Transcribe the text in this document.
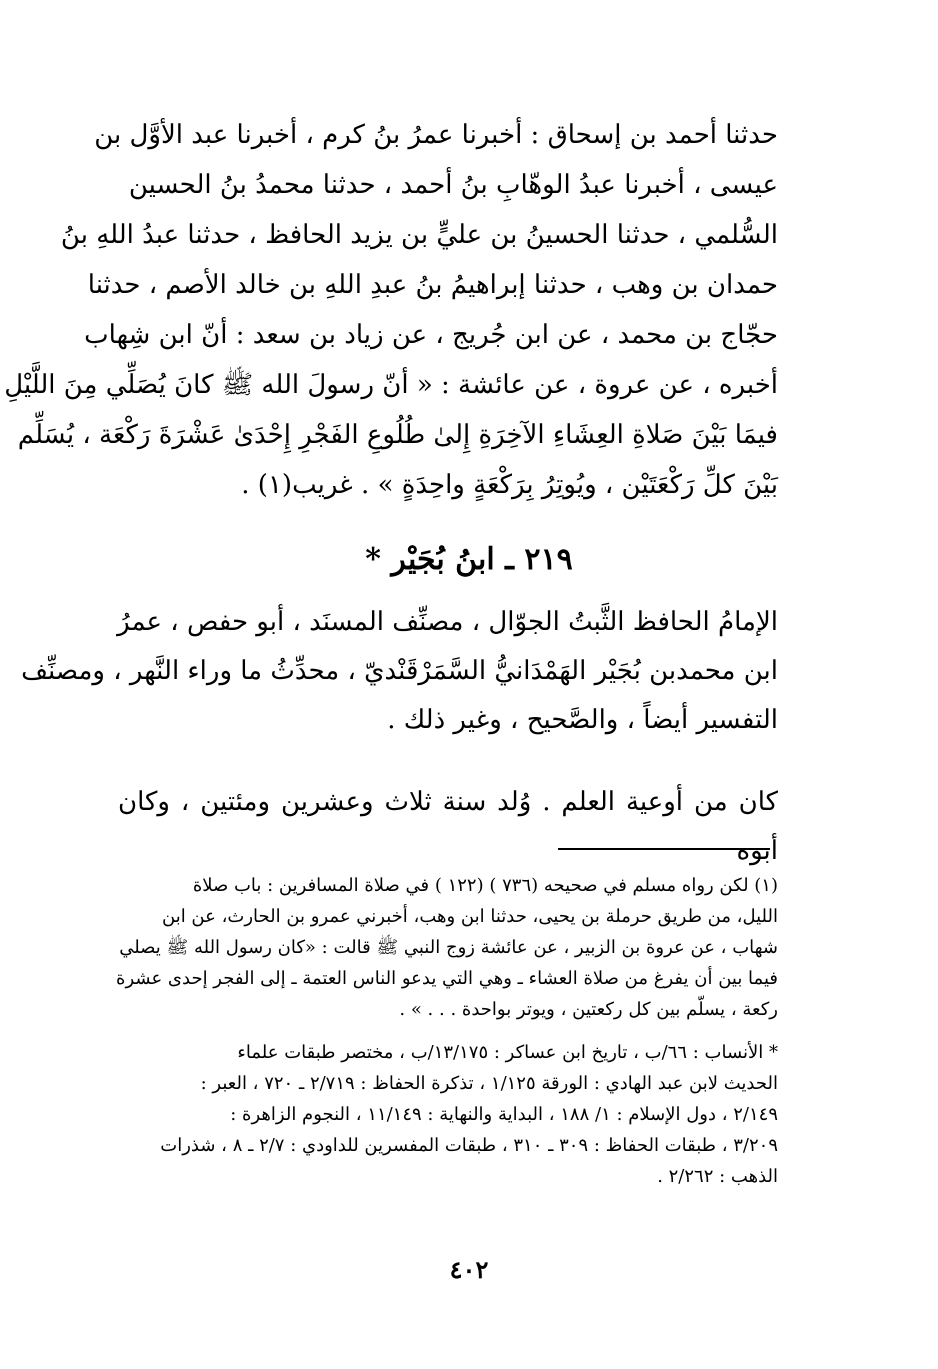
حدثنا أحمد بن إسحاق : أخبرنا عمرُ بنُ كرم ، أخبرنا عبد الأوَّل بن
عيسى ، أخبرنا عبدُ الوهّابِ بنُ أحمد ، حدثنا محمدُ بنُ الحسين
السُّلمي ، حدثنا الحسينُ بن عليٍّ بن يزيد الحافظ ، حدثنا عبدُ اللهِ بنُ
حمدان بن وهب ، حدثنا إبراهيمُ بنُ عبدِ اللهِ بن خالد الأصم ، حدثنا
حجّاج بن محمد ، عن ابن جُريج ، عن زياد بن سعد : أنّ ابن شِهاب
أخبره ، عن عروة ، عن عائشة : « أنّ رسولَ الله ﷺ كانَ يُصَلِّي مِنَ اللَّيْلِ
فيمَا بَيْنَ صَلاةِ العِشَاءِ الآخِرَةِ إِلىٰ طُلُوعِ الفَجْرِ إِحْدَىٰ عَشْرَةَ رَكْعَة ، يُسَلِّم
بَيْنَ كلِّ رَكْعَتَيْن ، ويُوتِرُ بِرَكْعَةٍ واحِدَةٍ » . غريب(١) .
٢١٩ ـ ابنُ بُجَيْر *
الإمامُ الحافظ الثَّبتُ الجوّال ، مصنِّف المسنَد ، أبو حفص ، عمرُ
ابن محمدبن بُجَيْر الهَمْدَانيُّ السَّمَرْقَنْديّ ، محدِّثُ ما وراء النَّهر ، ومصنِّف
التفسير أيضاً ، والصَّحيح ، وغير ذلك .
كان من أوعية العلم . وُلد سنة ثلاث وعشرين ومئتين ، وكان أبوه
(١) لكن رواه مسلم في صحيحه (٧٣٦ ) (١٢٢ ) في صلاة المسافرين : باب صلاة
الليل، من طريق حرملة بن يحيى، حدثنا ابن وهب، أخبرني عمرو بن الحارث، عن ابن
شهاب ، عن عروة بن الزبير ، عن عائشة زوج النبي ﷺ قالت : «كان رسول الله ﷺ يصلي
فيما بين أن يفرغ من صلاة العشاء ـ وهي التي يدعو الناس العتمة ـ إلى الفجر إحدى عشرة
ركعة ، يسلّم بين كل ركعتين ، ويوتر بواحدة . . . » .
* الأنساب : ٦٦/ب ، تاريخ ابن عساكر : ١٣/١٧٥/ب ، مختصر طبقات علماء
الحديث لابن عبد الهادي : الورقة ١/١٢٥ ، تذكرة الحفاظ : ٢/٧١٩ ـ ٧٢٠ ، العبر :
٢/١٤٩ ، دول الإسلام : ١/ ١٨٨ ، البداية والنهاية : ١١/١٤٩ ، النجوم الزاهرة :
٣/٢٠٩ ، طبقات الحفاظ : ٣٠٩ ـ ٣١٠ ، طبقات المفسرين للداودي : ٢/٧ ـ ٨ ، شذرات
الذهب : ٢/٢٦٢ .
٤٠٢
